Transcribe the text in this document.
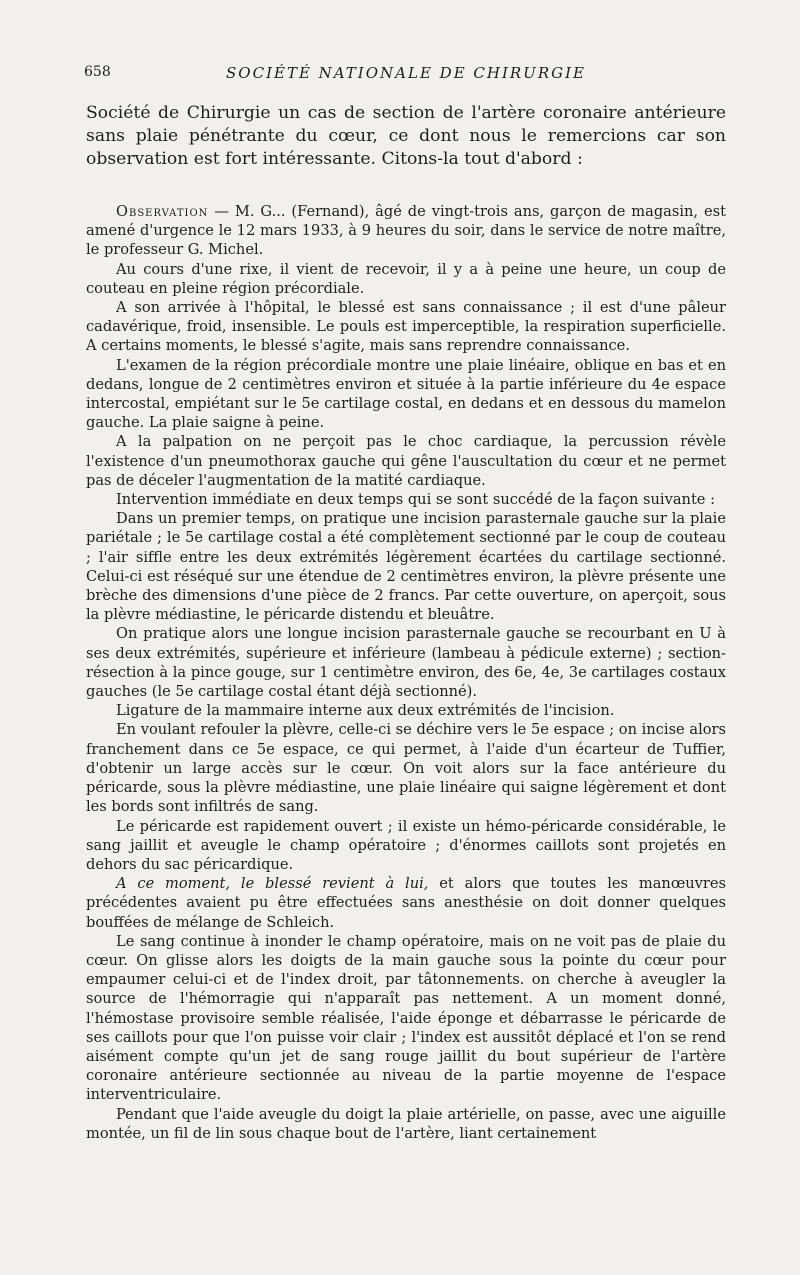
658	SOCIÉTÉ NATIONALE DE CHIRURGIE

Société de Chirurgie un cas de section de l'artère coronaire antérieure sans plaie pénétrante du cœur, ce dont nous le remercions car son observation est fort intéressante. Citons-la tout d'abord :

Observation — M. G... (Fernand), âgé de vingt-trois ans, garçon de magasin, est amené d'urgence le 12 mars 1933, à 9 heures du soir, dans le service de notre maître, le professeur G. Michel.

Au cours d'une rixe, il vient de recevoir, il y a à peine une heure, un coup de couteau en pleine région précordiale.

A son arrivée à l'hôpital, le blessé est sans connaissance ; il est d'une pâleur cadavérique, froid, insensible. Le pouls est imperceptible, la respiration superficielle. A certains moments, le blessé s'agite, mais sans reprendre connaissance.

L'examen de la région précordiale montre une plaie linéaire, oblique en bas et en dedans, longue de 2 centimètres environ et située à la partie inférieure du 4e espace intercostal, empiétant sur le 5e cartilage costal, en dedans et en dessous du mamelon gauche. La plaie saigne à peine.

A la palpation on ne perçoit pas le choc cardiaque, la percussion révèle l'existence d'un pneumothorax gauche qui gêne l'auscultation du cœur et ne permet pas de déceler l'augmentation de la matité cardiaque.

Intervention immédiate en deux temps qui se sont succédé de la façon suivante :

Dans un premier temps, on pratique une incision parasternale gauche sur la plaie pariétale ; le 5e cartilage costal a été complètement sectionné par le coup de couteau ; l'air siffle entre les deux extrémités légèrement écartées du cartilage sectionné. Celui-ci est réséqué sur une étendue de 2 centimètres environ, la plèvre présente une brèche des dimensions d'une pièce de 2 francs. Par cette ouverture, on aperçoit, sous la plèvre médiastine, le péricarde distendu et bleuâtre.

On pratique alors une longue incision parasternale gauche se recourbant en U à ses deux extrémités, supérieure et inférieure (lambeau à pédicule externe) ; section-résection à la pince gouge, sur 1 centimètre environ, des 6e, 4e, 3e cartilages costaux gauches (le 5e cartilage costal étant déjà sectionné).

Ligature de la mammaire interne aux deux extrémités de l'incision.

En voulant refouler la plèvre, celle-ci se déchire vers le 5e espace ; on incise alors franchement dans ce 5e espace, ce qui permet, à l'aide d'un écarteur de Tuffier, d'obtenir un large accès sur le cœur. On voit alors sur la face antérieure du péricarde, sous la plèvre médiastine, une plaie linéaire qui saigne légèrement et dont les bords sont infiltrés de sang.

Le péricarde est rapidement ouvert ; il existe un hémo-péricarde considérable, le sang jaillit et aveugle le champ opératoire ; d'énormes caillots sont projetés en dehors du sac péricardique.

A ce moment, le blessé revient à lui, et alors que toutes les manœuvres précédentes avaient pu être effectuées sans anesthésie on doit donner quelques bouffées de mélange de Schleich.

Le sang continue à inonder le champ opératoire, mais on ne voit pas de plaie du cœur. On glisse alors les doigts de la main gauche sous la pointe du cœur pour empaumer celui-ci et de l'index droit, par tâtonnements. on cherche à aveugler la source de l'hémorragie qui n'apparaît pas nettement. A un moment donné, l'hémostase provisoire semble réalisée, l'aide éponge et débarrasse le péricarde de ses caillots pour que l'on puisse voir clair ; l'index est aussitôt déplacé et l'on se rend aisément compte qu'un jet de sang rouge jaillit du bout supérieur de l'artère coronaire antérieure sectionnée au niveau de la partie moyenne de l'espace interventriculaire.

Pendant que l'aide aveugle du doigt la plaie artérielle, on passe, avec une aiguille montée, un fil de lin sous chaque bout de l'artère, liant certainement
